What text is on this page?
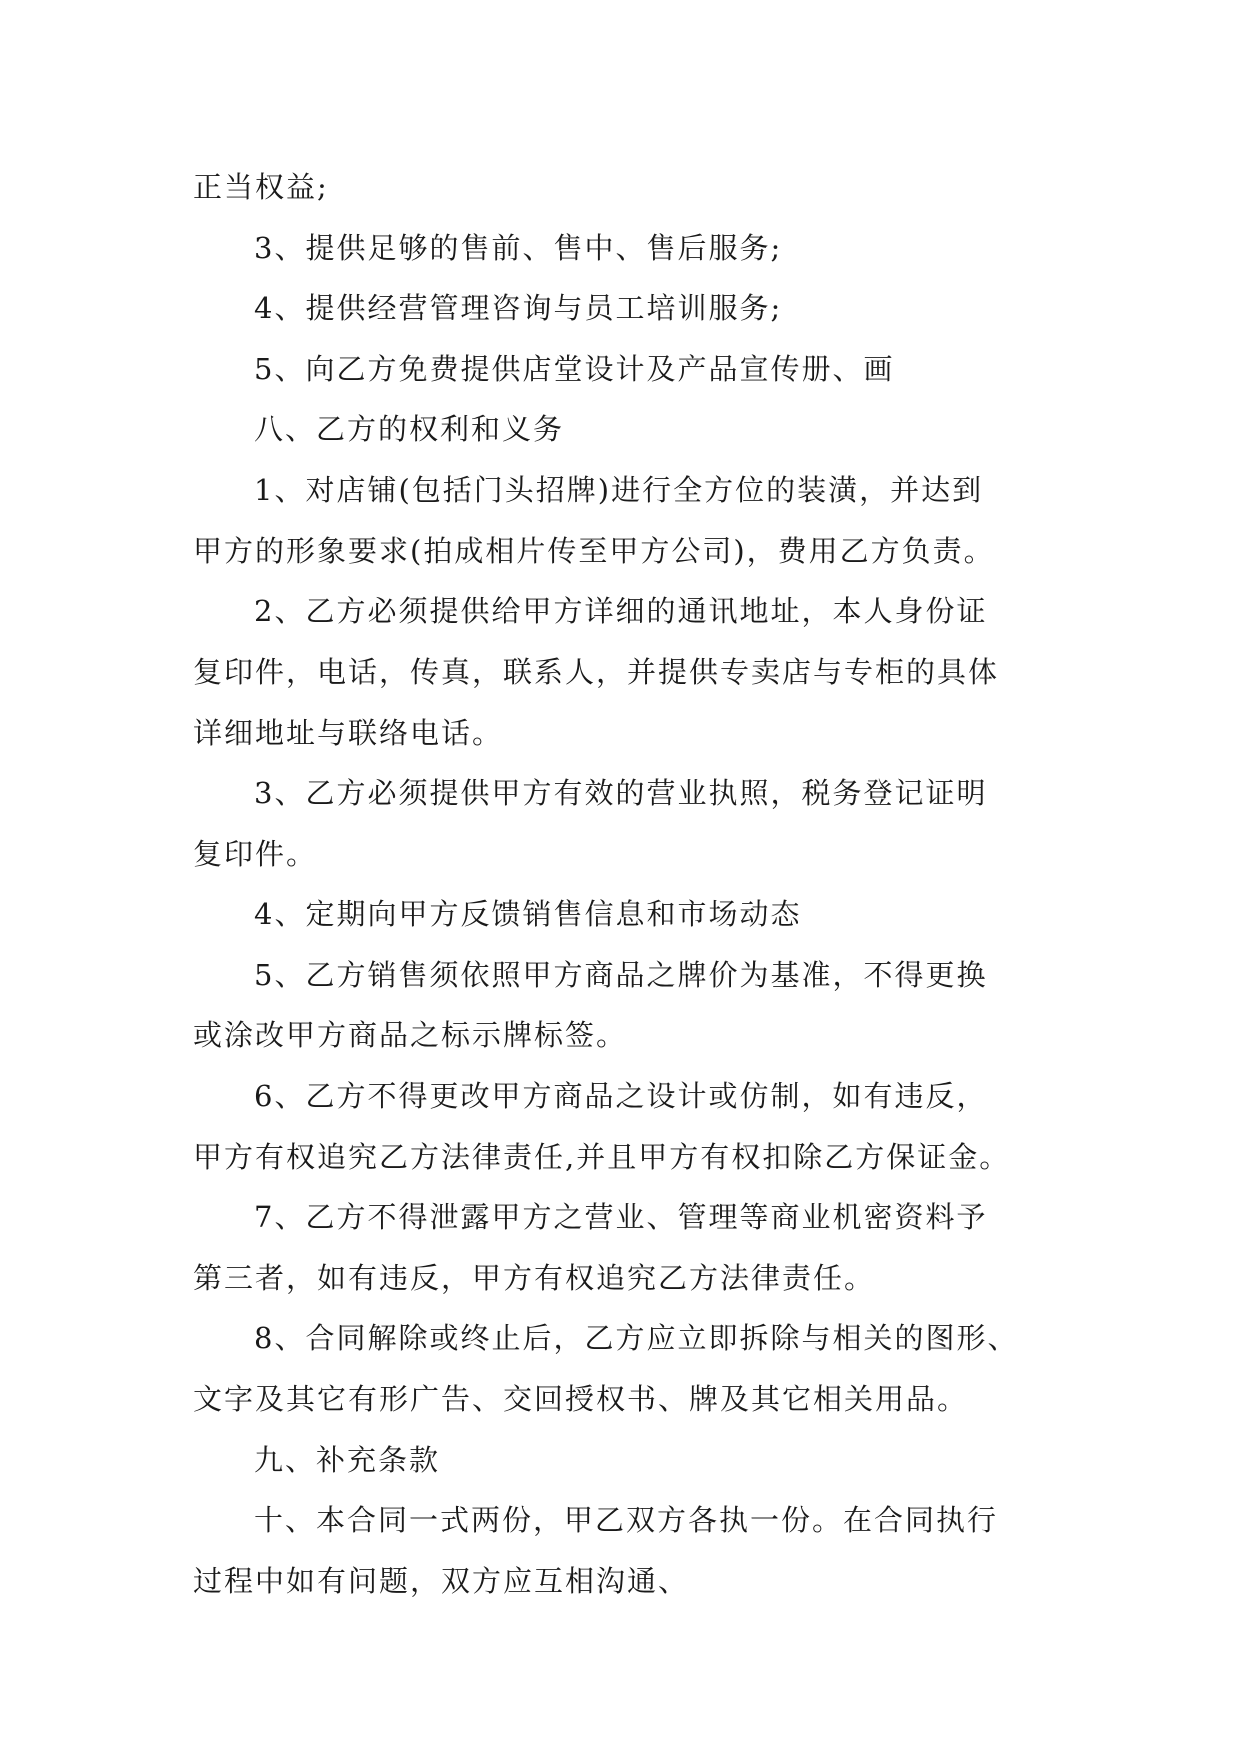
正当权益;
3、提供足够的售前、售中、售后服务;
4、提供经营管理咨询与员工培训服务;
5、向乙方免费提供店堂设计及产品宣传册、画
八、乙方的权利和义务
1、对店铺(包括门头招牌)进行全方位的装潢，并达到
甲方的形象要求(拍成相片传至甲方公司)，费用乙方负责。
2、乙方必须提供给甲方详细的通讯地址，本人身份证
复印件，电话，传真，联系人，并提供专卖店与专柜的具体
详细地址与联络电话。
3、乙方必须提供甲方有效的营业执照，税务登记证明
复印件。
4、定期向甲方反馈销售信息和市场动态
5、乙方销售须依照甲方商品之牌价为基准，不得更换
或涂改甲方商品之标示牌标签。
6、乙方不得更改甲方商品之设计或仿制，如有违反，
甲方有权追究乙方法律责任,并且甲方有权扣除乙方保证金。
7、乙方不得泄露甲方之营业、管理等商业机密资料予
第三者，如有违反，甲方有权追究乙方法律责任。
8、合同解除或终止后，乙方应立即拆除与相关的图形、
文字及其它有形广告、交回授权书、牌及其它相关用品。
九、补充条款
十、本合同一式两份，甲乙双方各执一份。在合同执行
过程中如有问题，双方应互相沟通、
